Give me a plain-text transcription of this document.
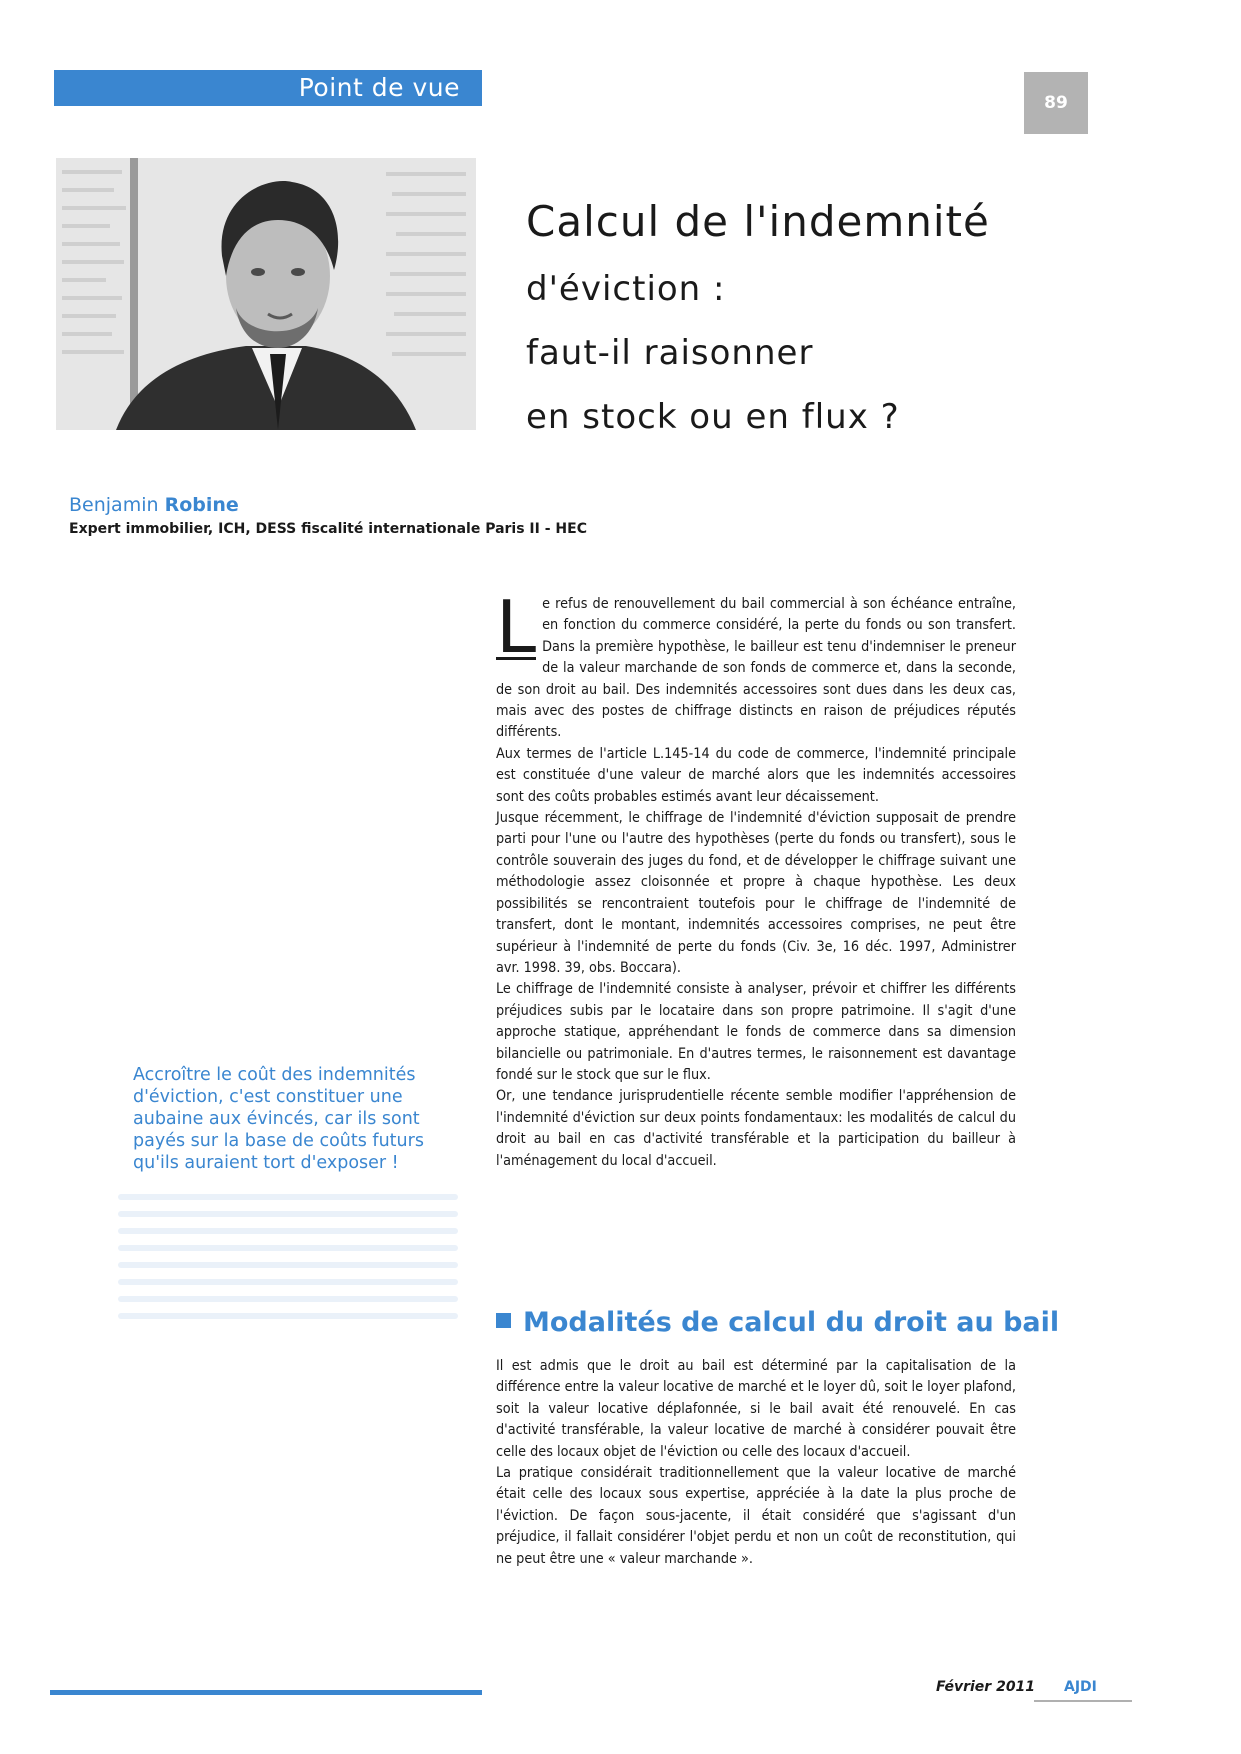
Point de vue
89
Calcul de l'indemnité
d'éviction :
faut-il raisonner
en stock ou en flux ?
Benjamin Robine
Expert immobilier, ICH, DESS fiscalité internationale Paris II - HEC
Accroître le coût des indemnités d'éviction, c'est constituer une aubaine aux évincés, car ils sont payés sur la base de coûts futurs qu'ils auraient tort d'exposer !

L e refus de renouvellement du bail commercial à son échéance entraîne, en fonction du commerce considéré, la perte du fonds ou son transfert. Dans la première hypothèse, le bailleur est tenu d'indemniser le preneur de la valeur marchande de son fonds de commerce et, dans la seconde, de son droit au bail. Des indemnités accessoires sont dues dans les deux cas, mais avec des postes de chiffrage distincts en raison de préjudices réputés différents.

Aux termes de l'article L.145-14 du code de commerce, l'indemnité principale est constituée d'une valeur de marché alors que les indemnités accessoires sont des coûts probables estimés avant leur décaissement.

Jusque récemment, le chiffrage de l'indemnité d'éviction supposait de prendre parti pour l'une ou l'autre des hypothèses (perte du fonds ou transfert), sous le contrôle souverain des juges du fond, et de développer le chiffrage suivant une méthodologie assez cloisonnée et propre à chaque hypothèse. Les deux possibilités se rencontraient toutefois pour le chiffrage de l'indemnité de transfert, dont le montant, indemnités accessoires comprises, ne peut être supérieur à l'indemnité de perte du fonds (Civ. 3e, 16 déc. 1997, Administrer avr. 1998. 39, obs. Boccara).

Le chiffrage de l'indemnité consiste à analyser, prévoir et chiffrer les différents préjudices subis par le locataire dans son propre patrimoine. Il s'agit d'une approche statique, appréhendant le fonds de commerce dans sa dimension bilancielle ou patrimoniale. En d'autres termes, le raisonnement est davantage fondé sur le stock que sur le flux.

Or, une tendance jurisprudentielle récente semble modifier l'appréhension de l'indemnité d'éviction sur deux points fondamentaux: les modalités de calcul du droit au bail en cas d'activité transférable et la participation du bailleur à l'aménagement du local d'accueil.

Modalités de calcul du droit au bail

Il est admis que le droit au bail est déterminé par la capitalisation de la différence entre la valeur locative de marché et le loyer dû, soit le loyer plafond, soit la valeur locative déplafonnée, si le bail avait été renouvelé. En cas d'activité transférable, la valeur locative de marché à considérer pouvait être celle des locaux objet de l'éviction ou celle des locaux d'accueil.

La pratique considérait traditionnellement que la valeur locative de marché était celle des locaux sous expertise, appréciée à la date la plus proche de l'éviction. De façon sous-jacente, il était considéré que s'agissant d'un préjudice, il fallait considérer l'objet perdu et non un coût de reconstitution, qui ne peut être une « valeur marchande ».

Février 2011 AJDI
